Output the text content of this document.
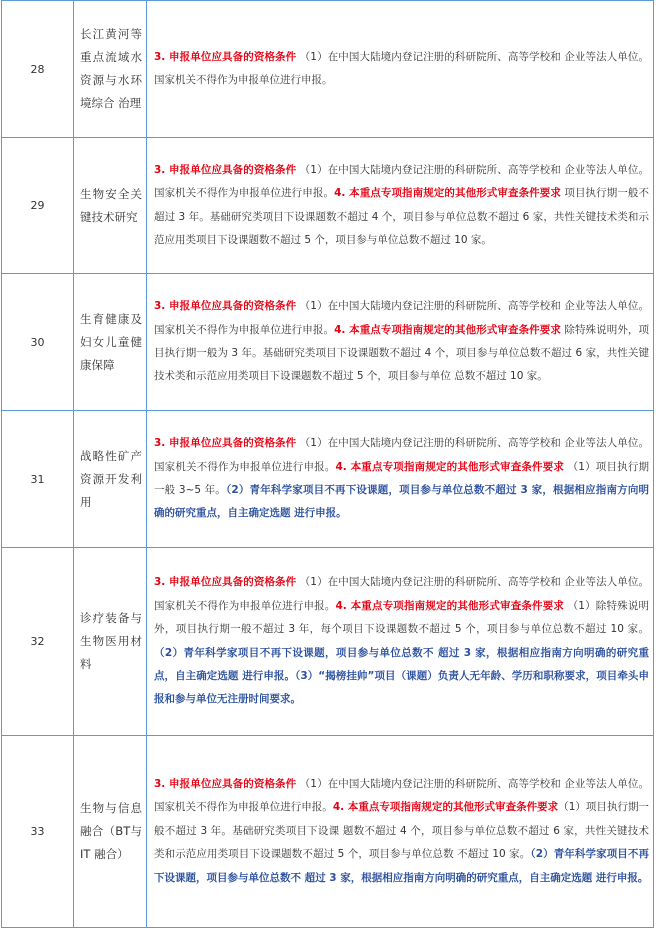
28	长江黄河等重点流域水资源与水环境综合 治理	3. 申报单位应具备的资格条件 （1）在中国大陆境内登记注册的科研院所、高等学校和 企业等法人单位。国家机关不得作为申报单位进行申报。
29	生物安全关键技术研究	3. 申报单位应具备的资格条件 （1）在中国大陆境内登记注册的科研院所、高等学校和 企业等法人单位。国家机关不得作为申报单位进行申报。4. 本重点专项指南规定的其他形式审查条件要求 项目执行期一般不超过 3 年。基础研究类项目下设课题数不超过 4 个，项目参与单位总数不超过 6 家，共性关键技术类和示范应用类项目下设课题数不超过 5 个，项目参与单位总数不超过 10 家。
30	生育健康及妇女儿童健康保障	3. 申报单位应具备的资格条件 （1）在中国大陆境内登记注册的科研院所、高等学校和 企业等法人单位。国家机关不得作为申报单位进行申报。4. 本重点专项指南规定的其他形式审查条件要求 除特殊说明外，项目执行期一般为 3 年。基础研究类项目下设课题数不超过 4 个，项目参与单位总数不超过 6 家，共性关键技术类和示范应用类项目下设课题数不超过 5 个，项目参与单位 总数不超过 10 家。
31	战略性矿产资源开发利用	3. 申报单位应具备的资格条件 （1）在中国大陆境内登记注册的科研院所、高等学校和 企业等法人单位。国家机关不得作为申报单位进行申报。4. 本重点专项指南规定的其他形式审查条件要求 （1）项目执行期一般 3~5 年。（2）青年科学家项目不再下设课题，项目参与单位总数不超过 3 家，根据相应指南方向明确的研究重点，自主确定选题 进行申报。
32	诊疗装备与生物医用材料	3. 申报单位应具备的资格条件 （1）在中国大陆境内登记注册的科研院所、高等学校和 企业等法人单位。国家机关不得作为申报单位进行申报。4. 本重点专项指南规定的其他形式审查条件要求 （1）除特殊说明外，项目执行期一般不超过 3 年，每个项目下设课题数不超过 5 个，项目参与单位总数不超过 10 家。（2）青年科学家项目不再下设课题，项目参与单位总数不 超过 3 家，根据相应指南方向明确的研究重点，自主确定选题 进行申报。（3）“揭榜挂帅”项目（课题）负责人无年龄、学历和职称要求，项目牵头申报和参与单位无注册时间要求。
33	生物与信息融合（BT与 IT 融合）	3. 申报单位应具备的资格条件 （1）在中国大陆境内登记注册的科研院所、高等学校和 企业等法人单位。国家机关不得作为申报单位进行申报。4. 本重点专项指南规定的其他形式审查条件要求（1）项目执行期一般不超过 3 年。基础研究类项目下设课 题数不超过 4 个，项目参与单位总数不超过 6 家，共性关键技术 类和示范应用类项目下设课题数不超过 5 个，项目参与单位总数 不超过 10 家。（2）青年科学家项目不再下设课题，项目参与单位总数不 超过 3 家，根据相应指南方向明确的研究重点，自主确定选题 进行申报。
